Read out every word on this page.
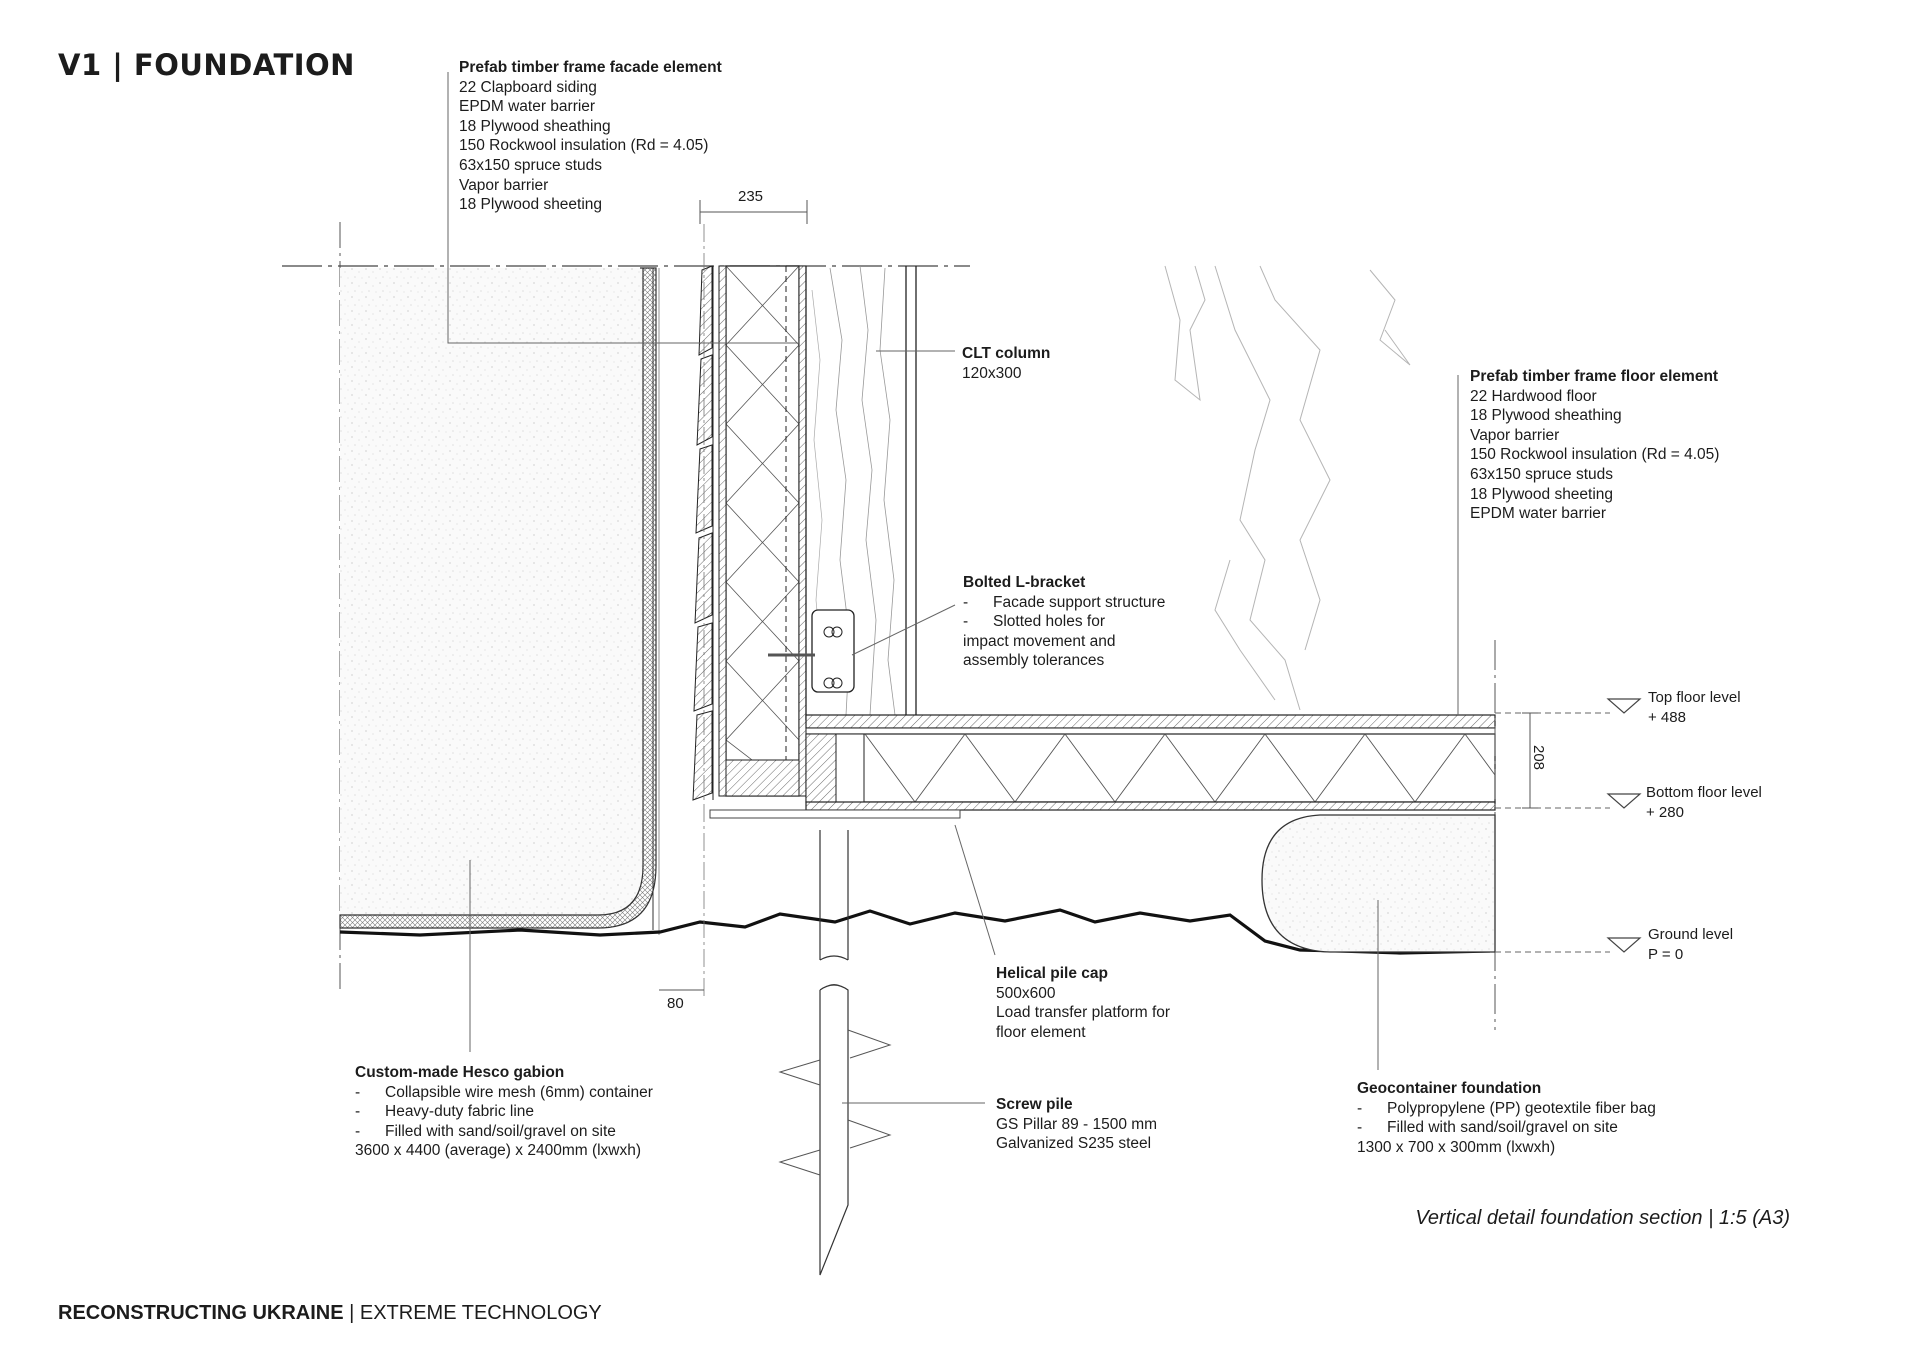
V1 | FOUNDATION	Prefab timber frame facade element
22 Clapboard siding
EPDM water barrier
18 Plywood sheathing
150 Rockwool insulation (Rd = 4.05)
63x150 spruce studs
Vapor barrier
18 Plywood sheeting	235
CLT column
120x300	Prefab timber frame floor element
22 Hardwood floor
18 Plywood sheathing
Vapor barrier
150 Rockwool insulation (Rd = 4.05)
63x150 spruce studs
18 Plywood sheeting
EPDM water barrier
Bolted L-bracket
- Facade support structure
- Slotted holes for
impact movement and
assembly tolerances
Top floor level
+ 488
208
Bottom floor level
+ 280
Ground level
P = 0
80
Helical pile cap
500x600
Load transfer platform for
floor element
Screw pile
GS Pillar 89 - 1500 mm
Galvanized S235 steel
Custom-made Hesco gabion
- Collapsible wire mesh (6mm) container
- Heavy-duty fabric line
- Filled with sand/soil/gravel on site
3600 x 4400 (average) x 2400mm (lxwxh)
Geocontainer foundation
- Polypropylene (PP) geotextile fiber bag
- Filled with sand/soil/gravel on site
1300 x 700 x 300mm (lxwxh)
Vertical detail foundation section | 1:5 (A3)
RECONSTRUCTING UKRAINE | EXTREME TECHNOLOGY
